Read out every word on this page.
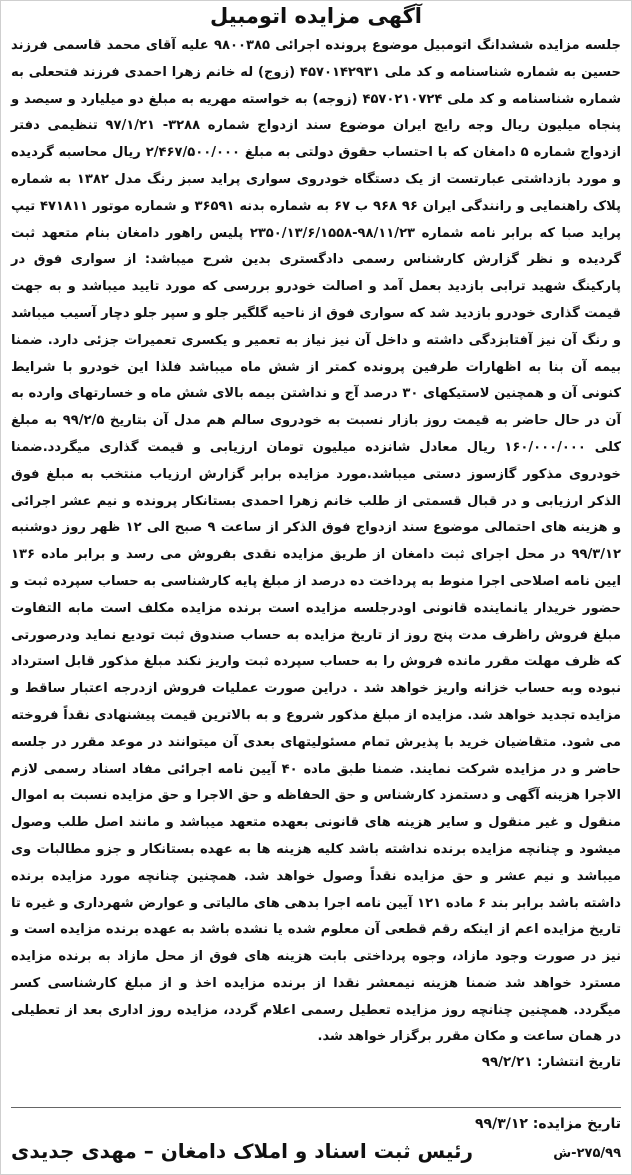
آگهی مزایده اتومبیل

جلسه مزایده ششدانگ اتومبیل موضوع پرونده اجرائی ۹۸۰۰۳۸۵ علیه آقای محمد قاسمی فرزند حسین به شماره شناسنامه و کد ملی ۴۵۷۰۱۴۲۹۳۱ (زوج) له خانم زهرا احمدی فرزند فتحعلی به شماره شناسنامه و کد ملی ۴۵۷۰۲۱۰۷۲۴ (زوجه) به خواسته مهریه به مبلغ دو میلیارد و سیصد و پنجاه میلیون ریال وجه رایج ایران موضوع سند ازدواج شماره ۳۲۸۸- ۹۷/۱/۲۱ تنظیمی دفتر ازدواج شماره ۵ دامغان که با احتساب حقوق دولتی به مبلغ ۲/۴۶۷/۵۰۰/۰۰۰ ریال محاسبه گردیده و مورد بازداشتی عبارتست از یک دستگاه خودروی سواری پراید سبز رنگ مدل ۱۳۸۲ به شماره پلاک راهنمایی و رانندگی ایران ۹۶ ۹۶۸ ب ۶۷ به شماره بدنه ۳۶۵۹۱ و شماره موتور ۴۷۱۸۱۱ تیپ پراید صبا که برابر نامه شماره ۹۸/۱۱/۲۳-۲۳۵۰/۱۳/۶/۱۵۵۸ پلیس راهور دامغان بنام متعهد ثبت گردیده و نظر گزارش کارشناس رسمی دادگستری بدین شرح میباشد: از سواری فوق در پارکینگ شهید ترابی بازدید بعمل آمد و اصالت خودرو بررسی که مورد تایید میباشد و به جهت قیمت گذاری خودرو بازدید شد که سواری فوق از ناحیه گلگیر جلو و سپر جلو دچار آسیب میباشد و رنگ آن نیز آفتابزدگی داشته و داخل آن نیز نیاز به تعمیر و یکسری تعمیرات جزئی دارد. ضمنا بیمه آن بنا به اظهارات طرفین پرونده کمتر از شش ماه میباشد فلذا این خودرو با شرایط کنونی آن و همچنین لاستیکهای ۳۰ درصد آج و نداشتن بیمه بالای شش ماه و خسارتهای وارده به آن در حال حاضر به قیمت روز بازار نسبت به خودروی سالم هم مدل آن بتاریخ ۹۹/۲/۵ به مبلغ کلی ۱۶۰/۰۰۰/۰۰۰ ریال معادل شانزده میلیون تومان ارزیابی و قیمت گذاری میگردد.ضمنا خودروی مذکور گازسوز دستی میباشد.مورد مزایده برابر گزارش ارزیاب منتخب به مبلغ فوق الذکر ارزیابی و در قبال قسمتی از طلب خانم زهرا احمدی بستانکار پرونده و نیم عشر اجرائی و هزینه های احتمالی موضوع سند ازدواج فوق الذکر از ساعت ۹ صبح الی ۱۲ ظهر روز دوشنبه ۹۹/۳/۱۲ در محل اجرای ثبت دامغان از طریق مزایده نقدی بفروش می رسد و برابر ماده ۱۳۶ ایین نامه اصلاحی اجرا منوط به پرداخت ده درصد از مبلغ پایه کارشناسی به حساب سپرده ثبت و حضور خریدار یانماینده قانونی اودرجلسه مزایده است برنده مزایده مکلف است مابه التفاوت مبلغ فروش راظرف مدت پنج روز از تاریخ مزایده به حساب صندوق ثبت تودیع نماید ودرصورتی که ظرف مهلت مقرر مانده فروش را به حساب سپرده ثبت واریز نکند مبلغ مذکور قابل استرداد نبوده وبه حساب خزانه واریز خواهد شد . دراین صورت عملیات فروش ازدرجه اعتبار ساقط و مزایده تجدید خواهد شد. مزایده از مبلغ مذکور شروع و به بالاترین قیمت پیشنهادی نقداً فروخته می شود. متقاضیان خرید با پذیرش تمام مسئولیتهای بعدی آن میتوانند در موعد مقرر در جلسه حاضر و در مزایده شرکت نمایند. ضمنا طبق ماده ۴۰ آیین نامه اجرائی مفاد اسناد رسمی لازم الاجرا هزینه آگهی و دستمزد کارشناس و حق الحفاظه و حق الاجرا و حق مزایده نسبت به اموال منقول و غیر منقول و سایر هزینه های قانونی بعهده متعهد میباشد و مانند اصل طلب وصول میشود و چنانچه مزایده برنده نداشته باشد کلیه هزینه ها به عهده بستانکار و جزو مطالبات وی میباشد و نیم عشر و حق مزایده نقداً وصول خواهد شد. همچنین چنانچه مورد مزایده برنده داشته باشد برابر بند ۶ ماده ۱۲۱ آیین نامه اجرا بدهی های مالیاتی و عوارض شهرداری و غیره تا تاریخ مزایده اعم از اینکه رقم قطعی آن معلوم شده یا نشده باشد به عهده برنده مزایده است و نیز در صورت وجود مازاد، وجوه پرداختی بابت هزینه های فوق از محل مازاد به برنده مزایده مسترد خواهد شد ضمنا هزینه نیمعشر نقدا از برنده مزایده اخذ و از مبلغ کارشناسی کسر میگردد. همچنین چنانچه روز مزایده تعطیل رسمی اعلام گردد، مزایده روز اداری بعد از تعطیلی در همان ساعت و مکان مقرر برگزار خواهد شد.

تاریخ انتشار: ۹۹/۲/۲۱

تاریخ مزایده: ۹۹/۳/۱۲
۲۷۵/۹۹-ش
رئیس ثبت اسناد و املاک دامغان – مهدی جدیدی
